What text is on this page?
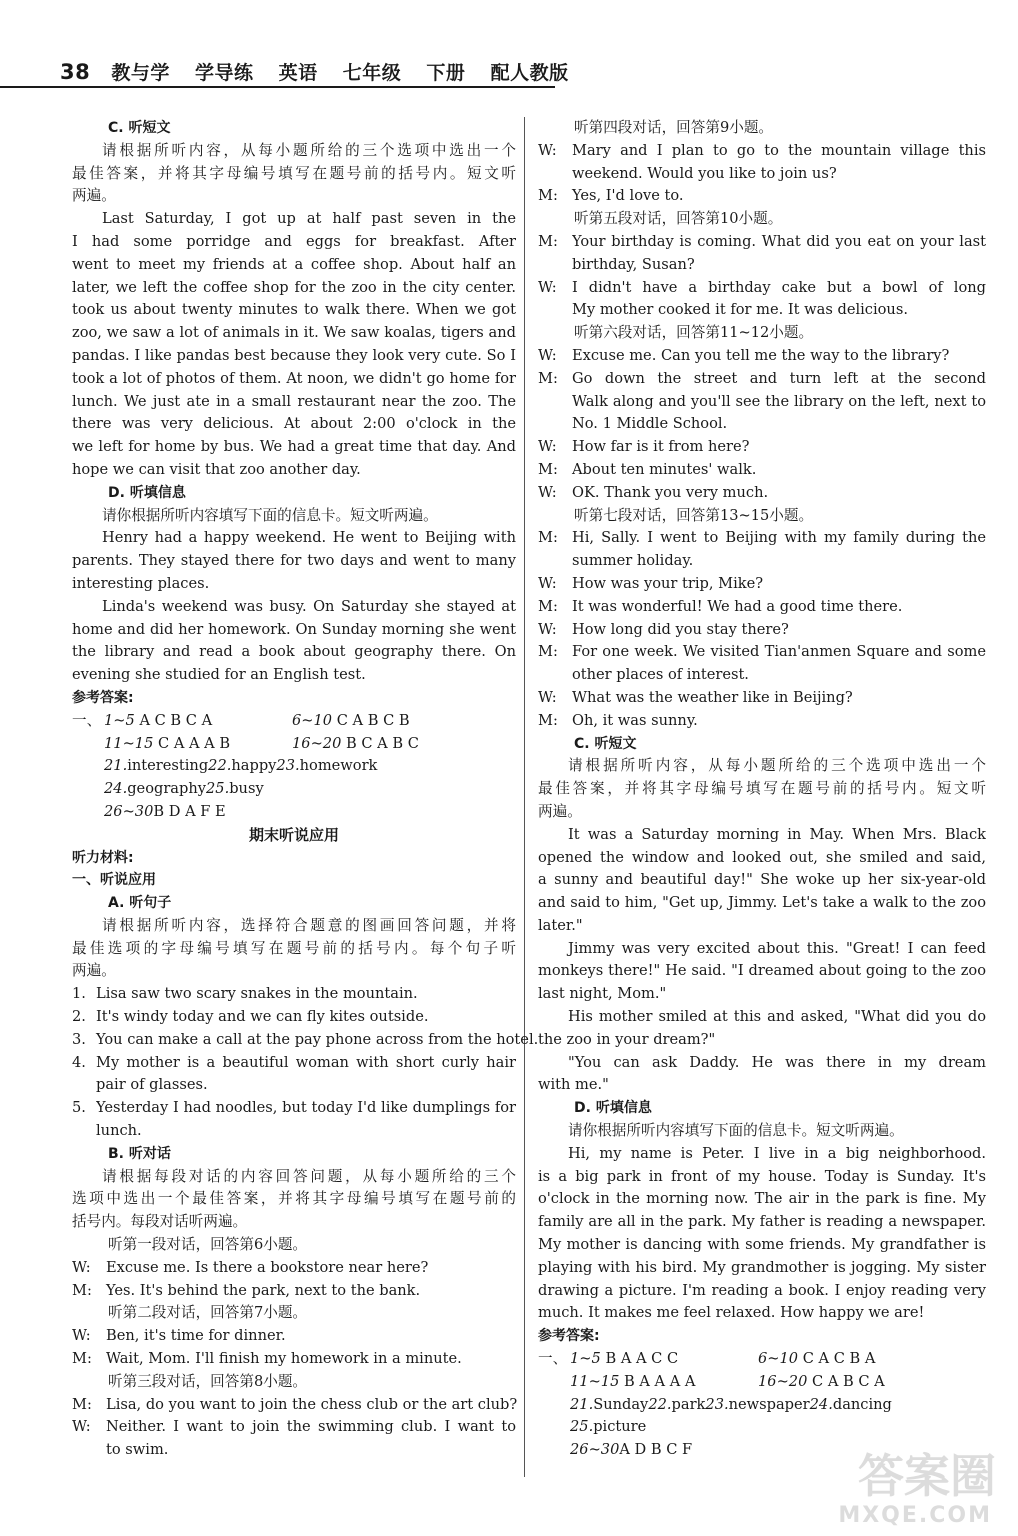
38 教与学 学导练 英语 七年级 下册 配人教版
C. 听短文
请根据所听内容，从每小题所给的三个选项中选出一个
最佳答案，并将其字母编号填写在题号前的括号内。短文听
两遍。
Last Saturday, I got up at half past seven in the
I had some porridge and eggs for breakfast. After
went to meet my friends at a coffee shop. About half an
later, we left the coffee shop for the zoo in the city center.
took us about twenty minutes to walk there. When we got
zoo, we saw a lot of animals in it. We saw koalas, tigers and
pandas. I like pandas best because they look very cute. So I
took a lot of photos of them. At noon, we didn't go home for
lunch. We just ate in a small restaurant near the zoo. The
there was very delicious. At about 2:00 o'clock in the
we left for home by bus. We had a great time that day. And
hope we can visit that zoo another day.
D. 听填信息
请你根据所听内容填写下面的信息卡。短文听两遍。
Henry had a happy weekend. He went to Beijing with
parents. They stayed there for two days and went to many
interesting places.
Linda's weekend was busy. On Saturday she stayed at
home and did her homework. On Sunday morning she went
the library and read a book about geography there. On
evening she studied for an English test.
参考答案:
一、 1~5 A C B C A	6~10 C A B C B
11~15 C A A A B	16~20 B C A B C
21. interesting 22. happy 23. homework
24. geography 25. busy
26~30 B D A F E
期末听说应用
听力材料:
一、听说应用
A. 听句子
请根据所听内容，选择符合题意的图画回答问题，并将
最佳选项的字母编号填写在题号前的括号内。每个句子听
两遍。
1. Lisa saw two scary snakes in the mountain.
2. It's windy today and we can fly kites outside.
3. You can make a call at the pay phone across from the hotel.
4. My mother is a beautiful woman with short curly hair
pair of glasses.
5. Yesterday I had noodles, but today I'd like dumplings for
lunch.
B. 听对话
请根据每段对话的内容回答问题，从每小题所给的三个
选项中选出一个最佳答案，并将其字母编号填写在题号前的
括号内。每段对话听两遍。
听第一段对话，回答第6小题。
W:	Excuse me. Is there a bookstore near here?
M: Yes. It's behind the park, next to the bank.
听第二段对话，回答第7小题。
W:	Ben, it's time for dinner.
M: Wait, Mom. I'll finish my homework in a minute.
听第三段对话，回答第8小题。
M: Lisa, do you want to join the chess club or the art club?
W:	Neither. I want to join the swimming club. I want to
to swim.
听第四段对话，回答第9小题。
W:	Mary and I plan to go to the mountain village this
weekend. Would you like to join us?
M: Yes, I'd love to.
听第五段对话，回答第10小题。
M: Your birthday is coming. What did you eat on your last
birthday, Susan?
W:	I didn't have a birthday cake but a bowl of long
My mother cooked it for me. It was delicious.
听第六段对话，回答第11~12小题。
W:	Excuse me. Can you tell me the way to the library?
M: Go down the street and turn left at the second
Walk along and you'll see the library on the left, next to
No. 1 Middle School.
W:	How far is it from here?
M: About ten minutes' walk.
W:	OK. Thank you very much.
听第七段对话，回答第13~15小题。
M: Hi, Sally. I went to Beijing with my family during the
summer holiday.
W:	How was your trip, Mike?
M: It was wonderful! We had a good time there.
W:	How long did you stay there?
M: For one week. We visited Tian'anmen Square and some
other places of interest.
W:	What was the weather like in Beijing?
M: Oh, it was sunny.
C. 听短文
请根据所听内容，从每小题所给的三个选项中选出一个
最佳答案，并将其字母编号填写在题号前的括号内。短文听
两遍。
It was a Saturday morning in May. When Mrs. Black
opened the window and looked out, she smiled and said,
a sunny and beautiful day!" She woke up her six-year-old
and said to him, "Get up, Jimmy. Let's take a walk to the zoo
later."
Jimmy was very excited about this. "Great! I can feed
monkeys there!" He said. "I dreamed about going to the zoo
last night, Mom."
His mother smiled at this and asked, "What did you do
the zoo in your dream?"
"You can ask Daddy. He was there in my dream
with me."
D. 听填信息
请你根据所听内容填写下面的信息卡。短文听两遍。
Hi, my name is Peter. I live in a big neighborhood.
is a big park in front of my house. Today is Sunday. It's
o'clock in the morning now. The air in the park is fine. My
family are all in the park. My father is reading a newspaper.
My mother is dancing with some friends. My grandfather is
playing with his bird. My grandmother is jogging. My sister
drawing a picture. I'm reading a book. I enjoy reading very
much. It makes me feel relaxed. How happy we are!
参考答案:
一、 1~5 B A A C C	6~10 C A C B A
11~15 B A A A A	16~20 C A B C A
21. Sunday 22. park 23. newspaper 24. dancing
25. picture
26~30 A D B C F	答案圈
MXQE.COM
